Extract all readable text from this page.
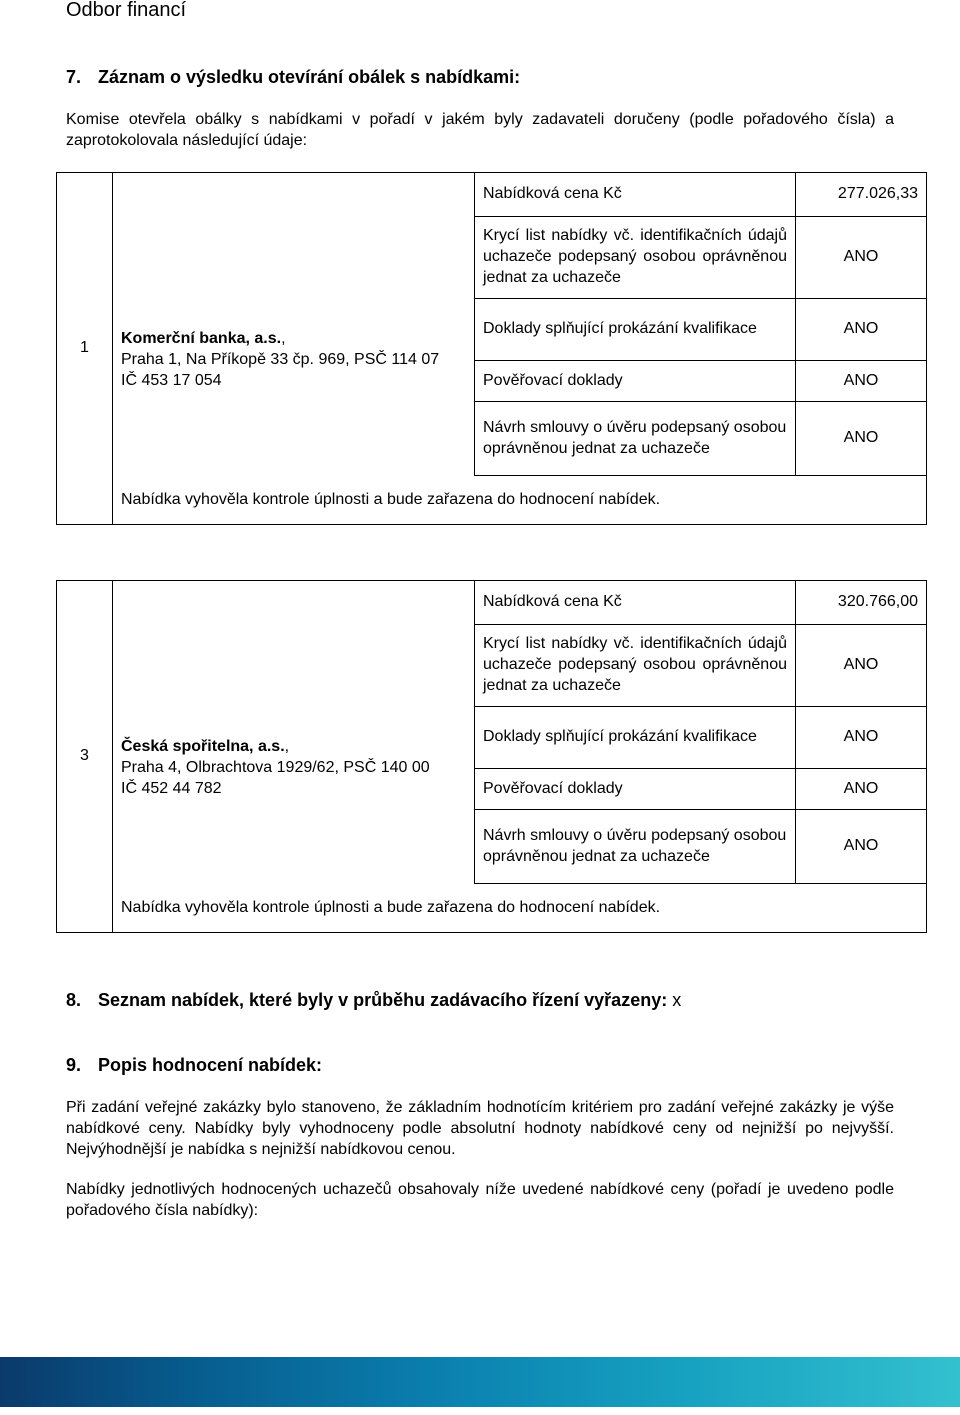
Odbor financí
7. Záznam o výsledku otevírání obálek s nabídkami:
Komise otevřela obálky s nabídkami v pořadí v jakém byly zadavateli doručeny (podle pořadového čísla) a zaprotokolovala následující údaje:
1	Komerční banka, a.s.,
Praha 1, Na Příkopě 33 čp. 969, PSČ 114 07
IČ 453 17 054	Nabídková cena Kč	277.026,33
		Krycí list nabídky vč. identifikačních údajů uchazeče podepsaný osobou oprávněnou jednat za uchazeče	ANO
		Doklady splňující prokázání kvalifikace	ANO
		Pověřovací doklady	ANO
		Návrh smlouvy o úvěru podepsaný osobou oprávněnou jednat za uchazeče	ANO
	Nabídka vyhověla kontrole úplnosti a bude zařazena do hodnocení nabídek.		
3	Česká spořitelna, a.s.,
Praha 4, Olbrachtova 1929/62, PSČ 140 00
IČ 452 44 782	Nabídková cena Kč	320.766,00
		Krycí list nabídky vč. identifikačních údajů uchazeče podepsaný osobou oprávněnou jednat za uchazeče	ANO
		Doklady splňující prokázání kvalifikace	ANO
		Pověřovací doklady	ANO
		Návrh smlouvy o úvěru podepsaný osobou oprávněnou jednat za uchazeče	ANO
	Nabídka vyhověla kontrole úplnosti a bude zařazena do hodnocení nabídek.		
8. Seznam nabídek, které byly v průběhu zadávacího řízení vyřazeny: x
9. Popis hodnocení nabídek:
Při zadání veřejné zakázky bylo stanoveno, že základním hodnotícím kritériem pro zadání veřejné zakázky je výše nabídkové ceny. Nabídky byly vyhodnoceny podle absolutní hodnoty nabídkové ceny od nejnižší po nejvyšší. Nejvýhodnější je nabídka s nejnižší nabídkovou cenou.
Nabídky jednotlivých hodnocených uchazečů obsahovaly níže uvedené nabídkové ceny (pořadí je uvedeno podle pořadového čísla nabídky):
